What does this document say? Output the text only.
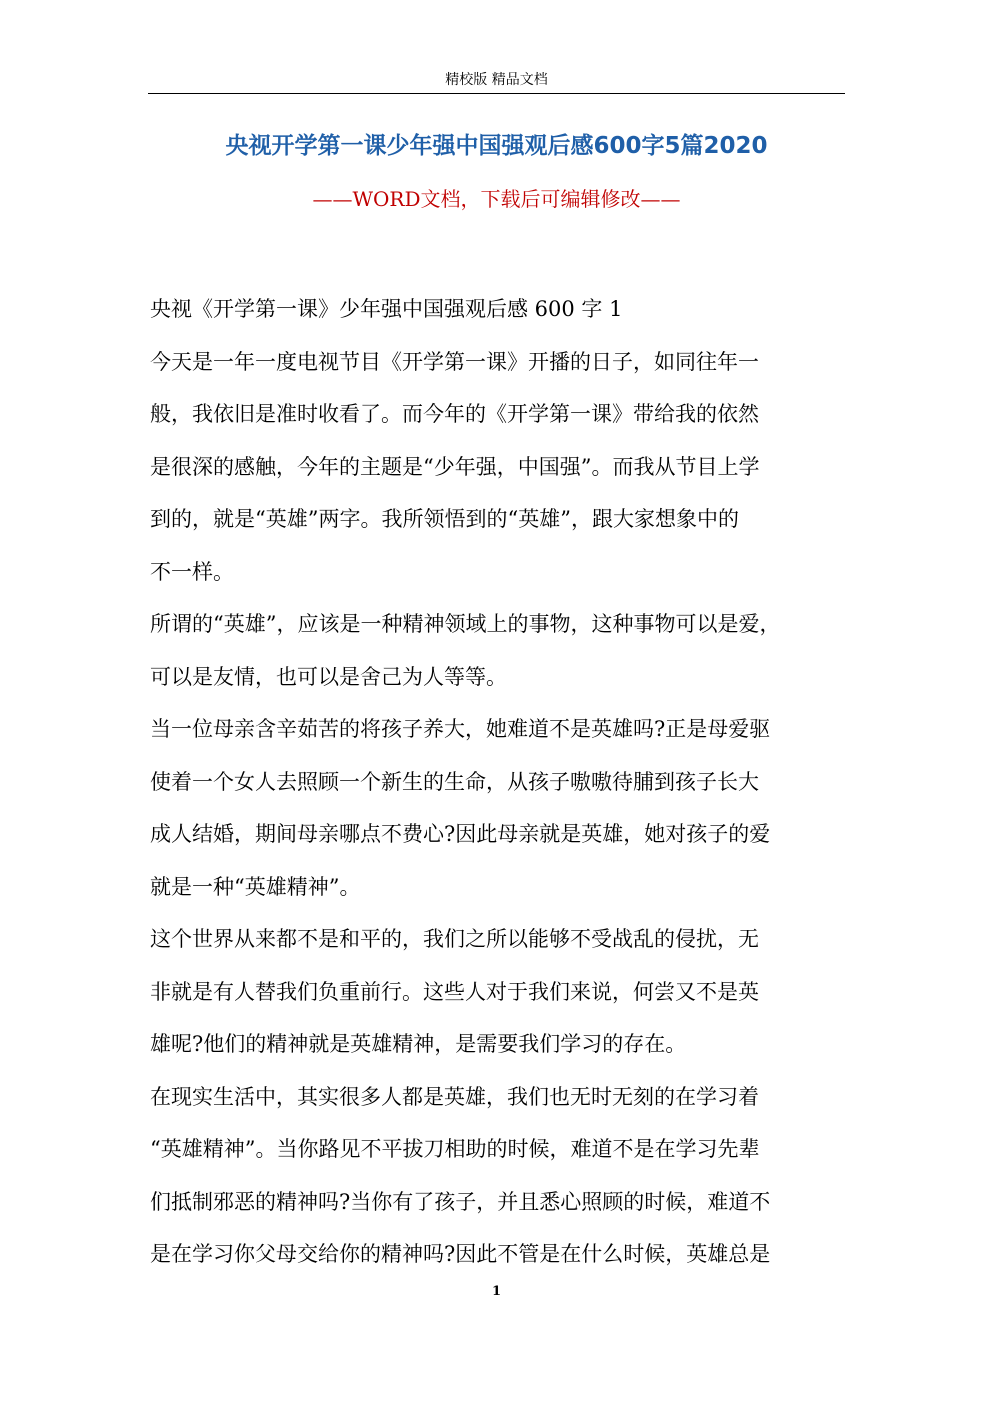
精校版 精品文档
央视开学第一课少年强中国强观后感600字5篇2020
——WORD文档，下载后可编辑修改——

央视《开学第一课》少年强中国强观后感 600 字 1

今天是一年一度电视节目《开学第一课》开播的日子，如同往年一
般，我依旧是准时收看了。而今年的《开学第一课》带给我的依然
是很深的感触，今年的主题是“少年强，中国强”。而我从节目上学
到的，就是“英雄”两字。我所领悟到的“英雄”，跟大家想象中的
不一样。

所谓的“英雄”，应该是一种精神领域上的事物，这种事物可以是爱，
可以是友情，也可以是舍己为人等等。

当一位母亲含辛茹苦的将孩子养大，她难道不是英雄吗?正是母爱驱
使着一个女人去照顾一个新生的生命，从孩子嗷嗷待脯到孩子长大
成人结婚，期间母亲哪点不费心?因此母亲就是英雄，她对孩子的爱
就是一种“英雄精神”。

这个世界从来都不是和平的，我们之所以能够不受战乱的侵扰，无
非就是有人替我们负重前行。这些人对于我们来说，何尝又不是英
雄呢?他们的精神就是英雄精神，是需要我们学习的存在。

在现实生活中，其实很多人都是英雄，我们也无时无刻的在学习着
“英雄精神”。当你路见不平拔刀相助的时候，难道不是在学习先辈
们抵制邪恶的精神吗?当你有了孩子，并且悉心照顾的时候，难道不
是在学习你父母交给你的精神吗?因此不管是在什么时候，英雄总是

1
